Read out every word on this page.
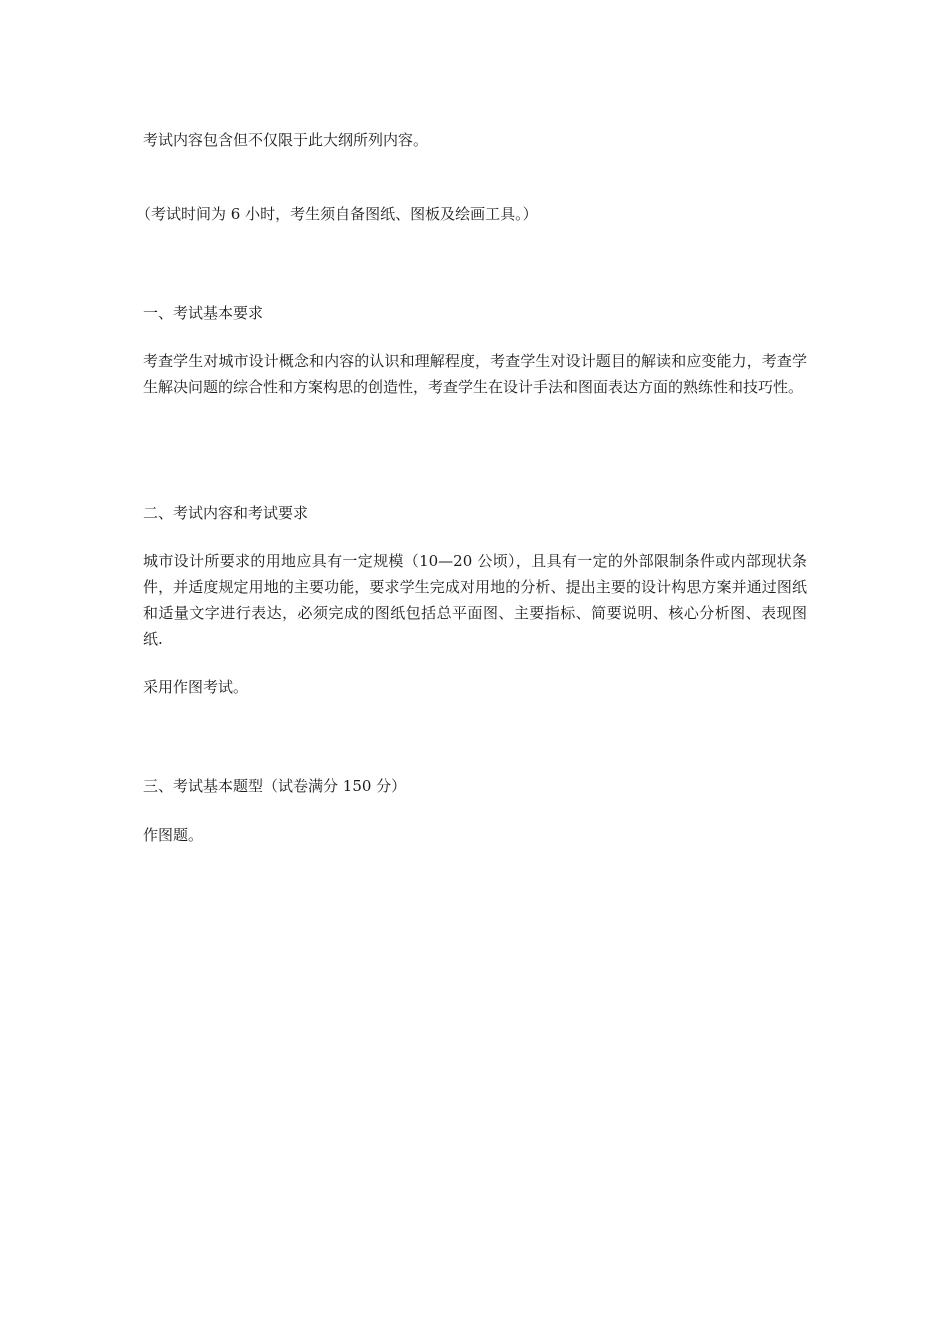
考试内容包含但不仅限于此大纲所列内容。

（考试时间为 6 小时，考生须自备图纸、图板及绘画工具。）

一、考试基本要求

考查学生对城市设计概念和内容的认识和理解程度，考查学生对设计题目的解读和应变能力，考查学生解决问题的综合性和方案构思的创造性，考查学生在设计手法和图面表达方面的熟练性和技巧性。

二、考试内容和考试要求

城市设计所要求的用地应具有一定规模（10—20 公顷），且具有一定的外部限制条件或内部现状条件，并适度规定用地的主要功能，要求学生完成对用地的分析、提出主要的设计构思方案并通过图纸和适量文字进行表达，必须完成的图纸包括总平面图、主要指标、简要说明、核心分析图、表现图纸.

采用作图考试。

三、考试基本题型（试卷满分 150 分）

作图题。
